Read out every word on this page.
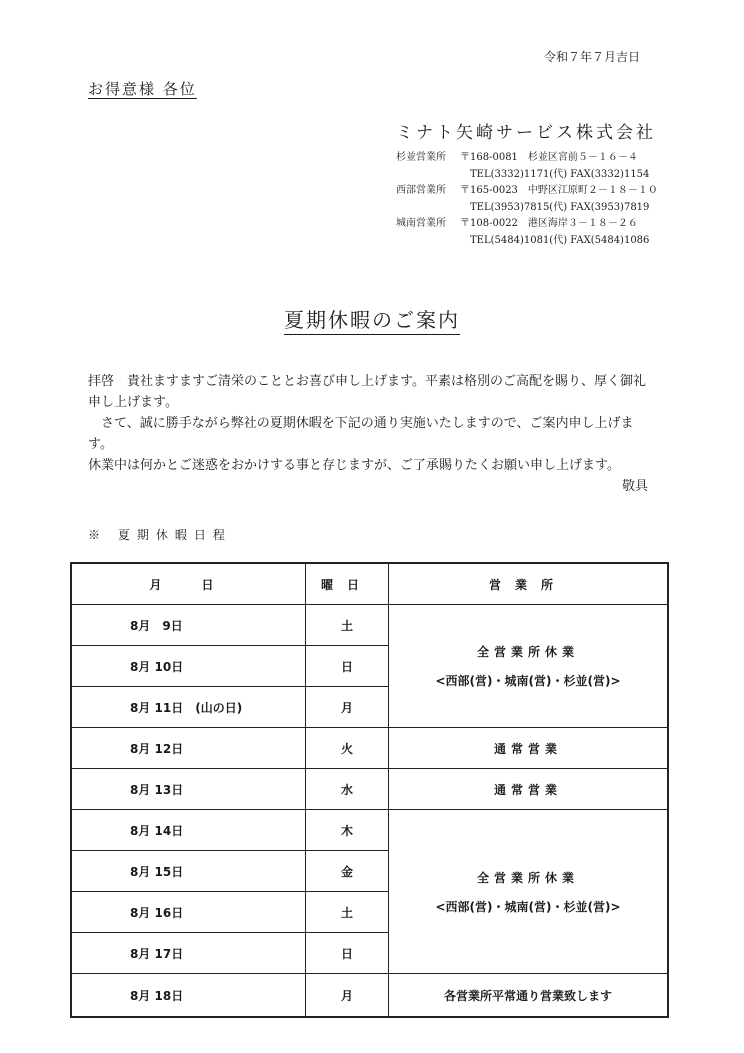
令和７年７月吉日
お得意様 各位
ミナト矢崎サービス株式会社
杉並営業所	〒168-0081　杉並区宮前５－１６－４
TEL(3332)1171(代) FAX(3332)1154
西部営業所	〒165-0023　中野区江原町２－１８－１０
TEL(3953)7815(代) FAX(3953)7819
城南営業所	〒108-0022　港区海岸３－１８－２６
TEL(5484)1081(代) FAX(5484)1086
夏期休暇のご案内

拝啓　貴社ますますご清栄のこととお喜び申し上げます。平素は格別のご高配を賜り、厚く御礼申し上げます。

　さて、誠に勝手ながら弊社の夏期休暇を下記の通り実施いたしますので、ご案内申し上げます。

休業中は何かとご迷惑をおかけする事と存じますが、ご了承賜りたくお願い申し上げます。

敬具

※ 夏期休暇日程
月　日	曜日	営業所
8月　9日	土	全営業所休業
<西部(営)・城南(営)・杉並(営)>

8月 10日	日	
8月 11日　(山の日)	月	
8月 12日	火	通常営業
8月 13日	水	通常営業
8月 14日	木	全営業所休業
<西部(営)・城南(営)・杉並(営)>

8月 15日	金	
8月 16日	土	
8月 17日	日	
8月 18日	月	各営業所平常通り営業致します
